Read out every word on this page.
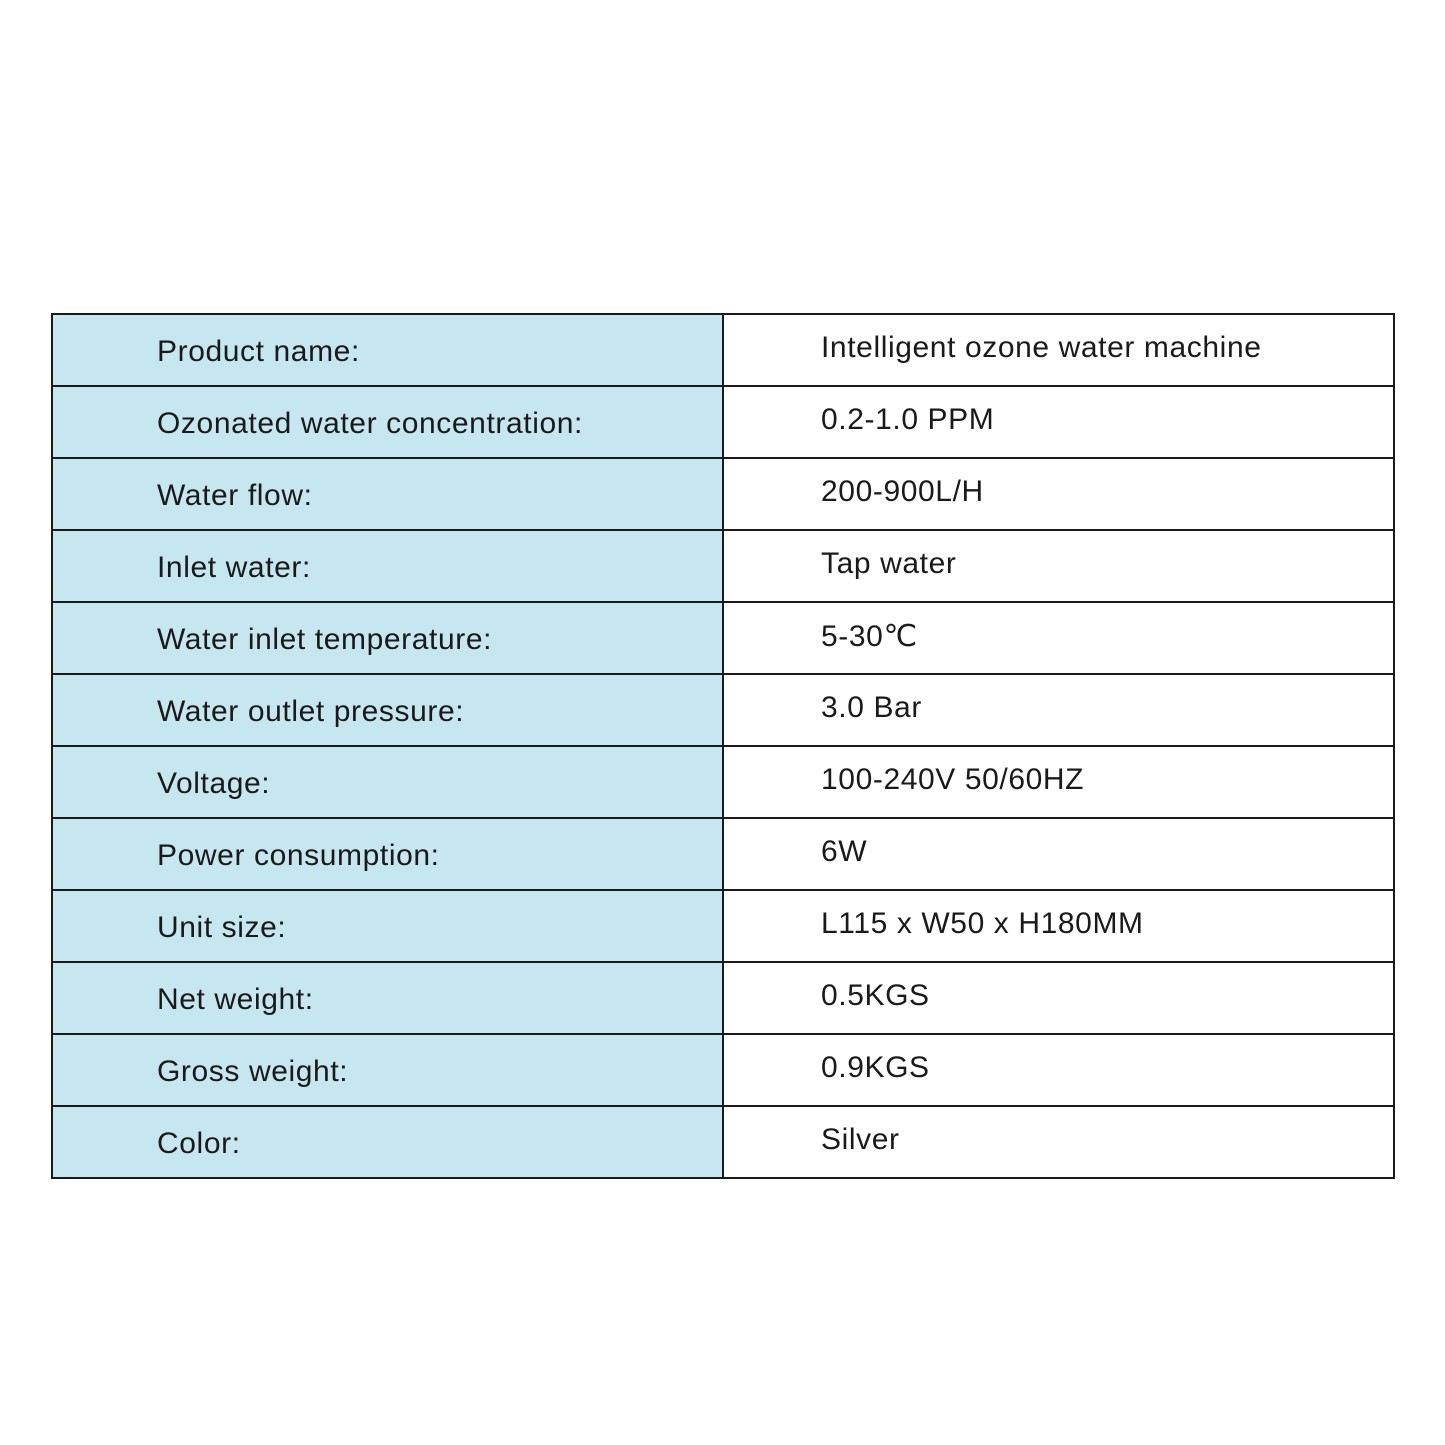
Product name:	Intelligent ozone water machine
Ozonated water concentration:	0.2-1.0 PPM
Water flow:	200-900L/H
Inlet water:	Tap water
Water inlet temperature:	5-30℃
Water outlet pressure:	3.0 Bar
Voltage:	100-240V 50/60HZ
Power consumption:	6W
Unit size:	L115 x W50 x H180MM
Net weight:	0.5KGS
Gross weight:	0.9KGS
Color:	Silver
